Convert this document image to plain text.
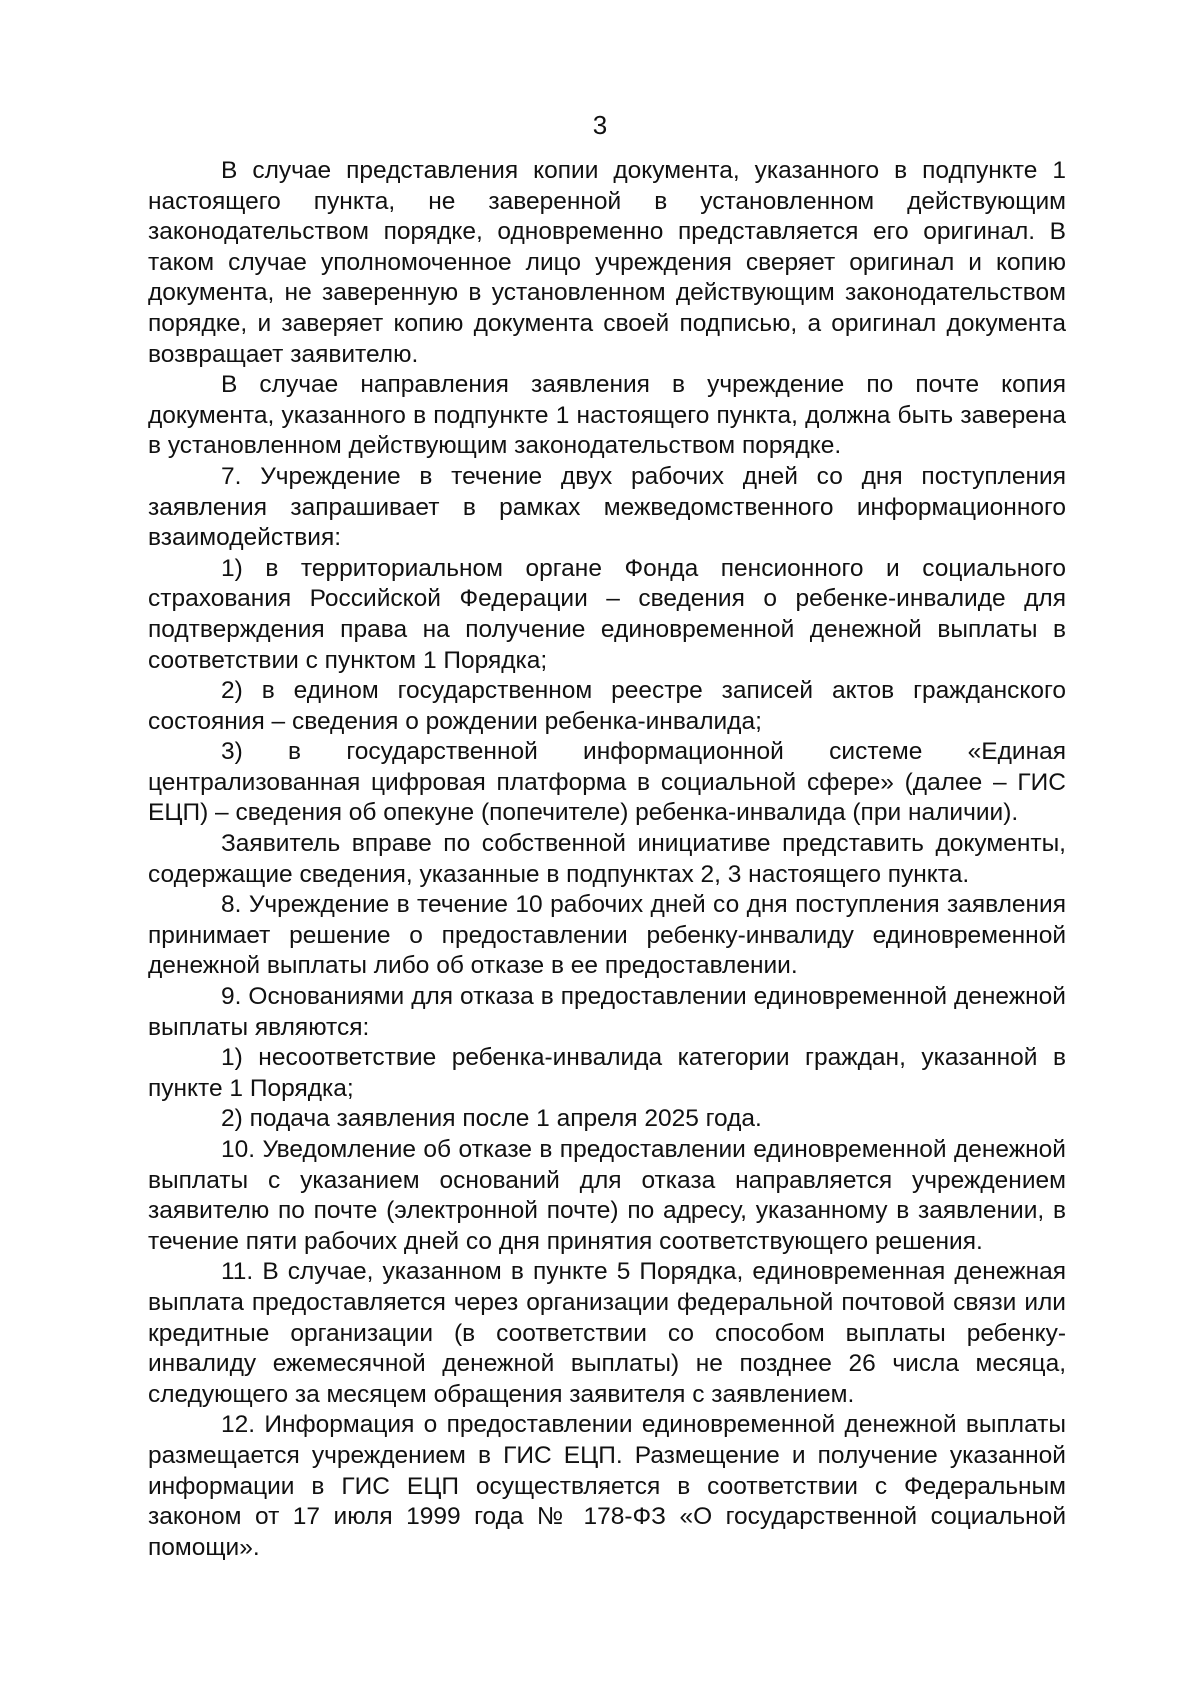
3

В случае представления копии документа, указанного в подпункте 1 настоящего пункта, не заверенной в установленном действующим законодательством порядке, одновременно представляется его оригинал. В таком случае уполномоченное лицо учреждения сверяет оригинал и копию документа, не заверенную в установленном действующим законодательством порядке, и заверяет копию документа своей подписью, а оригинал документа возвращает заявителю.

В случае направления заявления в учреждение по почте копия документа, указанного в подпункте 1 настоящего пункта, должна быть заверена в установленном действующим законодательством порядке.

7. Учреждение в течение двух рабочих дней со дня поступления заявления запрашивает в рамках межведомственного информационного взаимодействия:

1) в территориальном органе Фонда пенсионного и социального страхования Российской Федерации – сведения о ребенке-инвалиде для подтверждения права на получение единовременной денежной выплаты в соответствии с пунктом 1 Порядка;

2) в едином государственном реестре записей актов гражданского состояния – сведения о рождении ребенка-инвалида;

3) в государственной информационной системе «Единая централизованная цифровая платформа в социальной сфере» (далее – ГИС ЕЦП) – сведения об опекуне (попечителе) ребенка-инвалида (при наличии).

Заявитель вправе по собственной инициативе представить документы, содержащие сведения, указанные в подпунктах 2, 3 настоящего пункта.

8. Учреждение в течение 10 рабочих дней со дня поступления заявления принимает решение о предоставлении ребенку-инвалиду единовременной денежной выплаты либо об отказе в ее предоставлении.

9. Основаниями для отказа в предоставлении единовременной денежной выплаты являются:

1) несоответствие ребенка-инвалида категории граждан, указанной в пункте 1 Порядка;

2) подача заявления после 1 апреля 2025 года.

10. Уведомление об отказе в предоставлении единовременной денежной выплаты с указанием оснований для отказа направляется учреждением заявителю по почте (электронной почте) по адресу, указанному в заявлении, в течение пяти рабочих дней со дня принятия соответствующего решения.

11. В случае, указанном в пункте 5 Порядка, единовременная денежная выплата предоставляется через организации федеральной почтовой связи или кредитные организации (в соответствии со способом выплаты ребенку-инвалиду ежемесячной денежной выплаты) не позднее 26 числа месяца, следующего за месяцем обращения заявителя с заявлением.

12. Информация о предоставлении единовременной денежной выплаты размещается учреждением в ГИС ЕЦП. Размещение и получение указанной информации в ГИС ЕЦП осуществляется в соответствии с Федеральным законом от 17 июля 1999 года № 178-ФЗ «О государственной социальной помощи».
